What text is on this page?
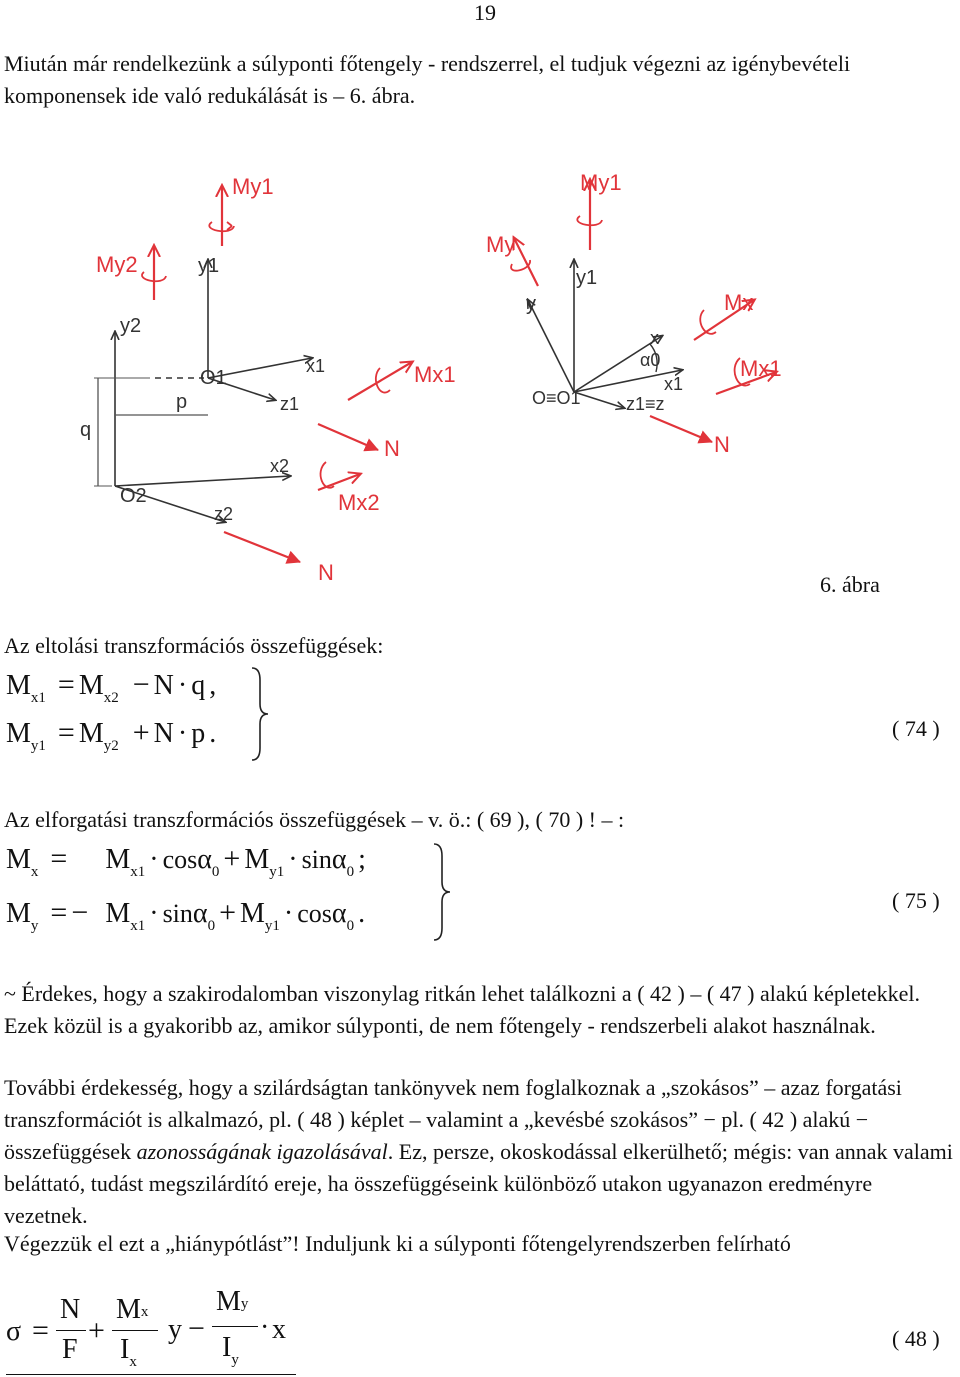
19

Miután már rendelkezünk a súlyponti főtengely - rendszerrel, el tudjuk végezni az igénybevételi komponensek ide való redukálását is – 6. ábra.

My1
My2	y1
y2
O1
O2
p
q
x1
z1
x2
z2
Mx1
Mx2
N
N
My1
My
y
y1
x
α0
x1
Mx
Mx1
O≡O1	z1≡z
N
6. ábra
Az eltolási transzformációs összefüggések:
Mx1 = Mx2 − N · q ,
My1 = My2 + N · p .	( 74 )
Az elforgatási transzformációs összefüggések – v. ö.: ( 69 ), ( 70 ) ! – :
Mx = Mx1 · cosα0 + My1 · sinα0 ;
My = − Mx1 · sinα0 + My1 · cosα0 .	( 75 )

~ Érdekes, hogy a szakirodalomban viszonylag ritkán lehet találkozni a ( 42 ) – ( 47 ) alakú képletekkel. Ezek közül is a gyakoribb az, amikor súlyponti, de nem főtengely - rendszerbeli alakot használnak.

További érdekesség, hogy a szilárdságtan tankönyvek nem foglalkoznak a „szokásos” – azaz forgatási transzformációt is alkalmazó, pl. ( 48 ) képlet – valamint a „kevésbé szokásos” − pl. ( 42 ) alakú − összefüggések azonosságának igazolásával. Ez, persze, okoskodással elkerülhető; mégis: van annak valami beláttató, tudást megszilárdító ereje, ha összefüggéseink különböző utakon ugyanazon eredményre vezetnek.

Végezzük el ezt a „hiánypótlást”! Induljunk ki a súlyponti főtengelyrendszerben felírható

σ =
N
F
+
Mx
Ix
y −
My
Iy
· x	( 48 )
